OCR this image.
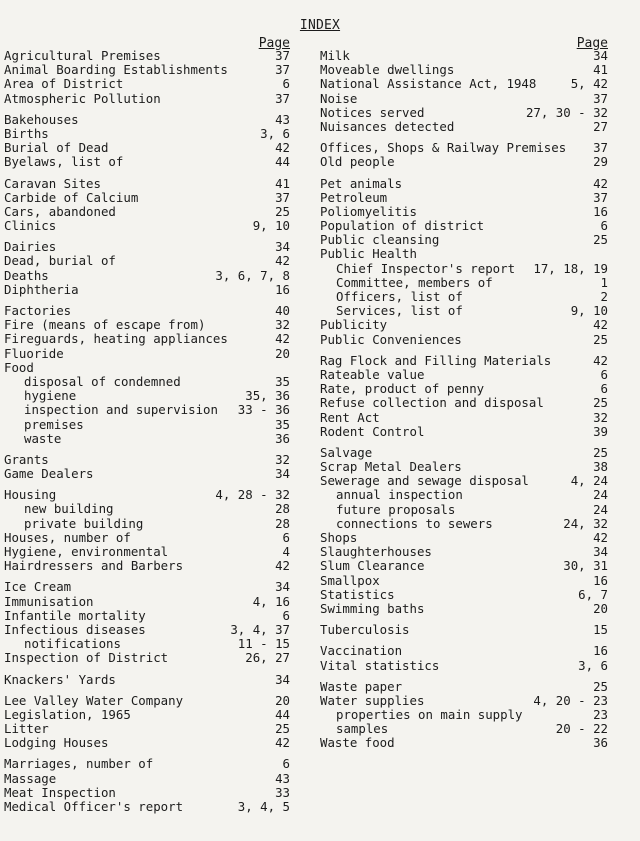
INDEX
Page
Agricultural Premises	37
Animal Boarding Establishments	37
Area of District	6
Atmospheric Pollution	37
Bakehouses	43
Births	3, 6
Burial of Dead	42
Byelaws, list of	44
Caravan Sites	41
Carbide of Calcium	37
Cars, abandoned	25
Clinics	9, 10
Dairies	34
Dead, burial of	42
Deaths	3, 6, 7, 8
Diphtheria	16
Factories	40
Fire (means of escape from)	32
Fireguards, heating appliances	42
Fluoride	20
Food
disposal of condemned	35
hygiene	35, 36
inspection and supervision 33 - 36
premises	35
waste	36
Grants	32
Game Dealers	34
Housing	4, 28 - 32
new building	28
private building	28
Houses, number of	6
Hygiene, environmental	4
Hairdressers and Barbers	42
Ice Cream	34
Immunisation	4, 16
Infantile mortality	6
Infectious diseases	3, 4, 37
notifications	11 - 15
Inspection of District	26, 27
Knackers' Yards	34
Lee Valley Water Company	20
Legislation, 1965	44
Litter	25
Lodging Houses	42
Marriages, number of	6
Massage	43
Meat Inspection	33
Medical Officer's report	3, 4, 5
Page
Milk	34
Moveable dwellings	41
National Assistance Act, 1948	5, 42
Noise	37
Notices served	27, 30 - 32
Nuisances detected	27
Offices, Shops & Railway Premises 37
Old people	29
Pet animals	42
Petroleum	37
Poliomyelitis	16
Population of district	6
Public cleansing	25
Public Health
Chief Inspector's report 17, 18, 19
Committee, members of	1
Officers, list of	2
Services, list of	9, 10
Publicity	42
Public Conveniences	25
Rag Flock and Filling Materials	42
Rateable value	6
Rate, product of penny	6
Refuse collection and disposal	25
Rent Act	32
Rodent Control	39
Salvage	25
Scrap Metal Dealers	38
Sewerage and sewage disposal	4, 24
annual inspection	24
future proposals	24
connections to sewers	24, 32
Shops	42
Slaughterhouses	34
Slum Clearance	30, 31
Smallpox	16
Statistics	6, 7
Swimming baths	20
Tuberculosis	15
Vaccination	16
Vital statistics	3, 6
Waste paper	25
Water supplies	4, 20 - 23
properties on main supply	23
samples	20 - 22
Waste food	36
